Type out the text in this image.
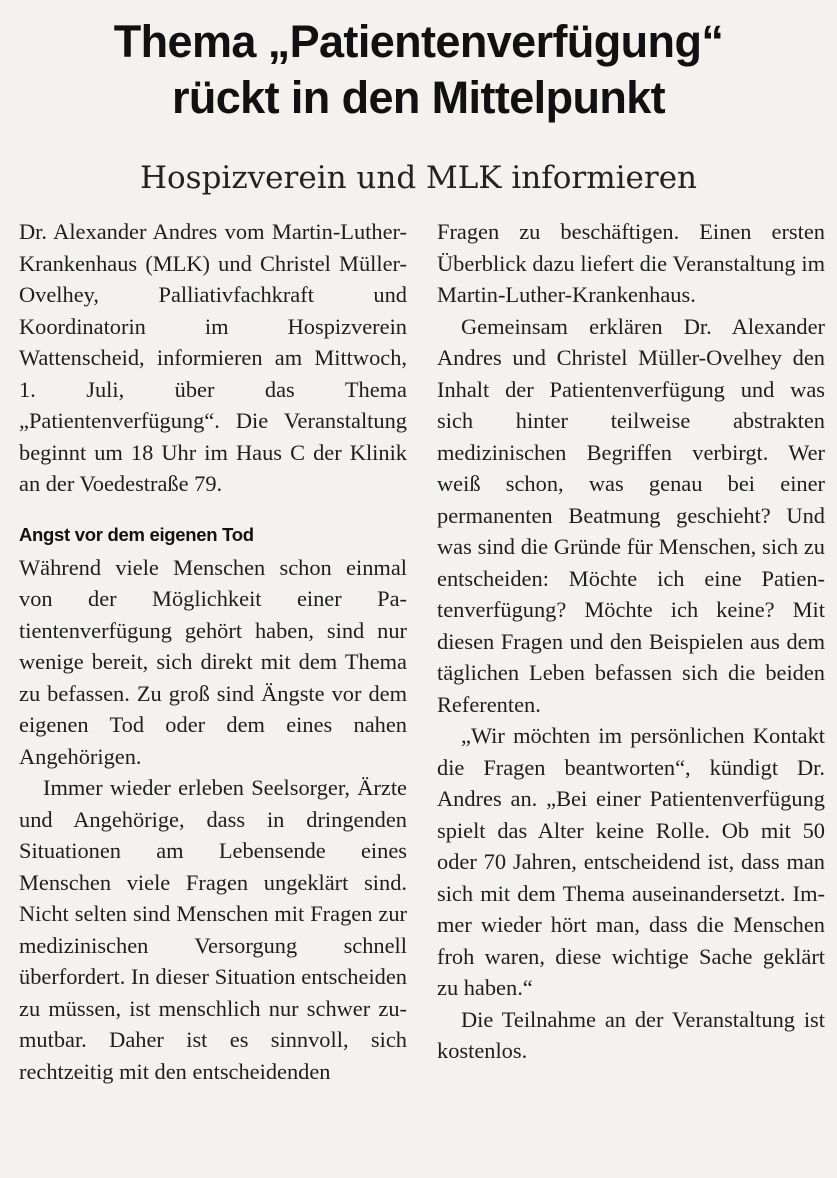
Thema „Patientenverfügung“
rückt in den Mittelpunkt
Hospizverein und MLK informieren

Dr. Alexander Andres vom Martin-Luther-Krankenhaus (MLK) und Christel Müller-Ovelhey, Palliativfachkraft und Koordinatorin im Hospizverein Wattenscheid, informieren am Mittwoch, 1. Juli, über das Thema „Patientenverfügung“. Die Veranstaltung beginnt um 18 Uhr im Haus C der Klinik an der Voedestraße 79.

Angst vor dem eigenen Tod

Während viele Menschen schon einmal von der Möglichkeit einer Patientenverfügung gehört haben, sind nur wenige bereit, sich direkt mit dem Thema zu befassen. Zu groß sind Ängste vor dem eigenen Tod oder dem eines nahen Angehörigen.

Immer wieder erleben Seelsorger, Ärzte und Angehörige, dass in dringenden Situationen am Lebensende eines Menschen viele Fragen ungeklärt sind. Nicht selten sind Menschen mit Fragen zur medizinischen Versorgung schnell überfordert. In dieser Situation entscheiden zu müssen, ist menschlich nur schwer zumutbar. Daher ist es sinnvoll, sich rechtzeitig mit den entscheidenden

Fragen zu beschäftigen. Einen ersten Überblick dazu liefert die Veranstaltung im Martin-Luther-Krankenhaus.

Gemeinsam erklären Dr. Alexander Andres und Christel Müller-Ovelhey den Inhalt der Patientenverfügung und was sich hinter teilweise abstrakten medizinischen Begriffen verbirgt. Wer weiß schon, was genau bei einer permanenten Beatmung geschieht? Und was sind die Gründe für Menschen, sich zu entscheiden: Möchte ich eine Patientenverfügung? Möchte ich keine? Mit diesen Fragen und den Beispielen aus dem täglichen Leben befassen sich die beiden Referenten.

„Wir möchten im persönlichen Kontakt die Fragen beantworten“, kündigt Dr. Andres an. „Bei einer Patientenverfügung spielt das Alter keine Rolle. Ob mit 50 oder 70 Jahren, entscheidend ist, dass man sich mit dem Thema auseinandersetzt. Immer wieder hört man, dass die Menschen froh waren, diese wichtige Sache geklärt zu haben.“

Die Teilnahme an der Veranstaltung ist kostenlos.
